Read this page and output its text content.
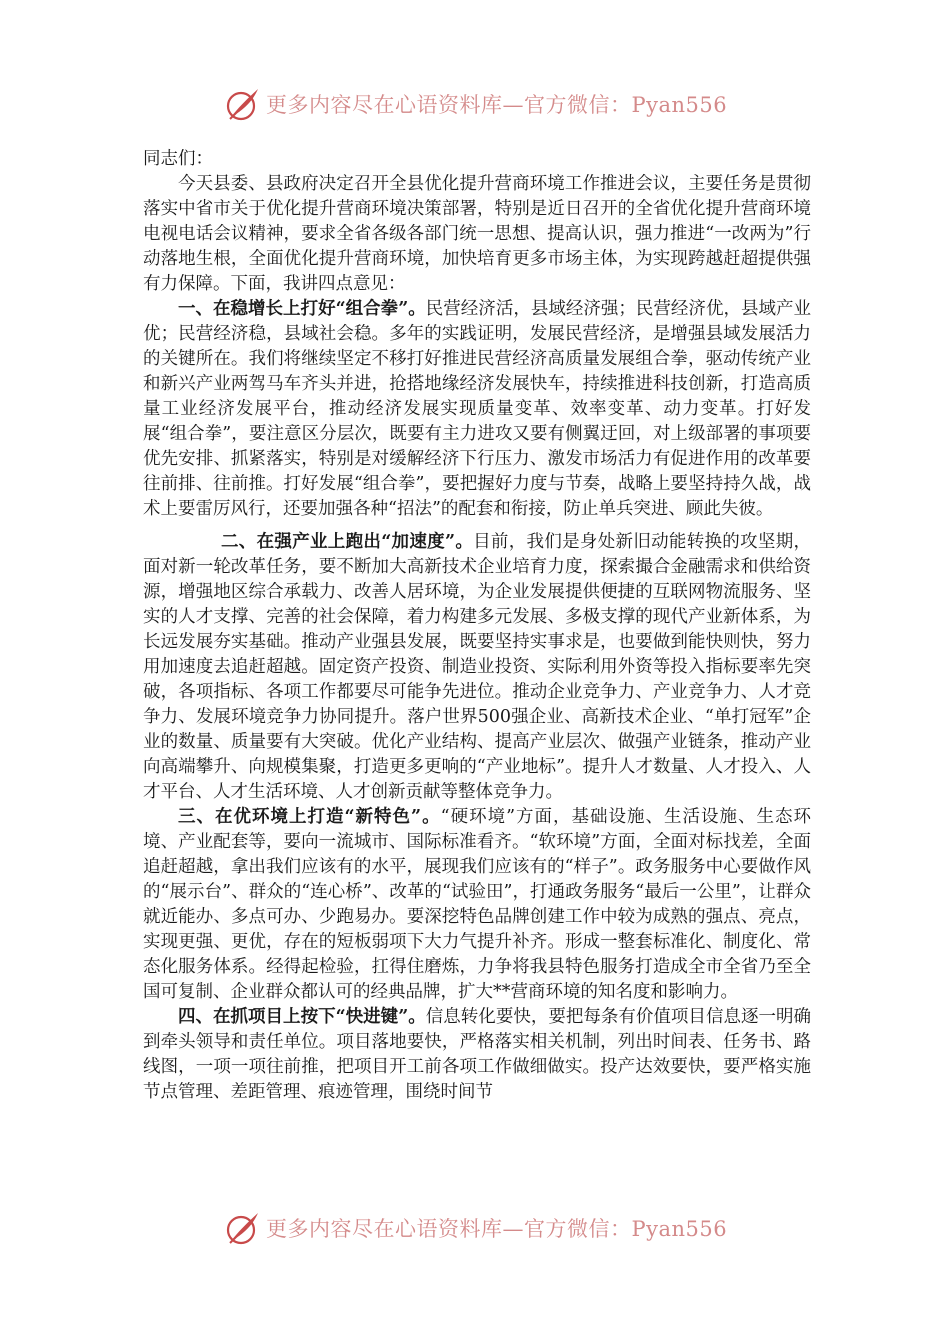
更多内容尽在心语资料库—官方微信：Pyan556

同志们：

今天县委、县政府决定召开全县优化提升营商环境工作推进会议，主要任务是贯彻落实中省市关于优化提升营商环境决策部署，特别是近日召开的全省优化提升营商环境电视电话会议精神，要求全省各级各部门统一思想、提高认识，强力推进“一改两为”行动落地生根，全面优化提升营商环境，加快培育更多市场主体，为实现跨越赶超提供强有力保障。下面，我讲四点意见：

一、在稳增长上打好“组合拳”。民营经济活，县域经济强；民营经济优，县域产业优；民营经济稳，县域社会稳。多年的实践证明，发展民营经济，是增强县域发展活力的关键所在。我们将继续坚定不移打好推进民营经济高质量发展组合拳，驱动传统产业和新兴产业两驾马车齐头并进，抢搭地缘经济发展快车，持续推进科技创新，打造高质量工业经济发展平台，推动经济发展实现质量变革、效率变革、动力变革。打好发展“组合拳”，要注意区分层次，既要有主力进攻又要有侧翼迂回，对上级部署的事项要优先安排、抓紧落实，特别是对缓解经济下行压力、激发市场活力有促进作用的改革要往前排、往前推。打好发展“组合拳”，要把握好力度与节奏，战略上要坚持持久战，战术上要雷厉风行，还要加强各种“招法”的配套和衔接，防止单兵突进、顾此失彼。

二、在强产业上跑出“加速度”。目前，我们是身处新旧动能转换的攻坚期，面对新一轮改革任务，要不断加大高新技术企业培育力度，探索撮合金融需求和供给资源，增强地区综合承载力、改善人居环境，为企业发展提供便捷的互联网物流服务、坚实的人才支撑、完善的社会保障，着力构建多元发展、多极支撑的现代产业新体系，为长远发展夯实基础。推动产业强县发展，既要坚持实事求是，也要做到能快则快，努力用加速度去追赶超越。固定资产投资、制造业投资、实际利用外资等投入指标要率先突破，各项指标、各项工作都要尽可能争先进位。推动企业竞争力、产业竞争力、人才竞争力、发展环境竞争力协同提升。落户世界500强企业、高新技术企业、“单打冠军”企业的数量、质量要有大突破。优化产业结构、提高产业层次、做强产业链条，推动产业向高端攀升、向规模集聚，打造更多更响的“产业地标”。提升人才数量、人才投入、人才平台、人才生活环境、人才创新贡献等整体竞争力。

三、在优环境上打造“新特色”。“硬环境”方面，基础设施、生活设施、生态环境、产业配套等，要向一流城市、国际标准看齐。“软环境”方面，全面对标找差，全面追赶超越，拿出我们应该有的水平，展现我们应该有的“样子”。政务服务中心要做作风的“展示台”、群众的“连心桥”、改革的“试验田”，打通政务服务“最后一公里”，让群众就近能办、多点可办、少跑易办。要深挖特色品牌创建工作中较为成熟的强点、亮点，实现更强、更优，存在的短板弱项下大力气提升补齐。形成一整套标准化、制度化、常态化服务体系。经得起检验，扛得住磨炼，力争将我县特色服务打造成全市全省乃至全国可复制、企业群众都认可的经典品牌，扩大**营商环境的知名度和影响力。

四、在抓项目上按下“快进键”。信息转化要快，要把每条有价值项目信息逐一明确到牵头领导和责任单位。项目落地要快，严格落实相关机制，列出时间表、任务书、路线图，一项一项往前推，把项目开工前各项工作做细做实。投产达效要快，要严格实施节点管理、差距管理、痕迹管理，围绕时间节

更多内容尽在心语资料库—官方微信：Pyan556
